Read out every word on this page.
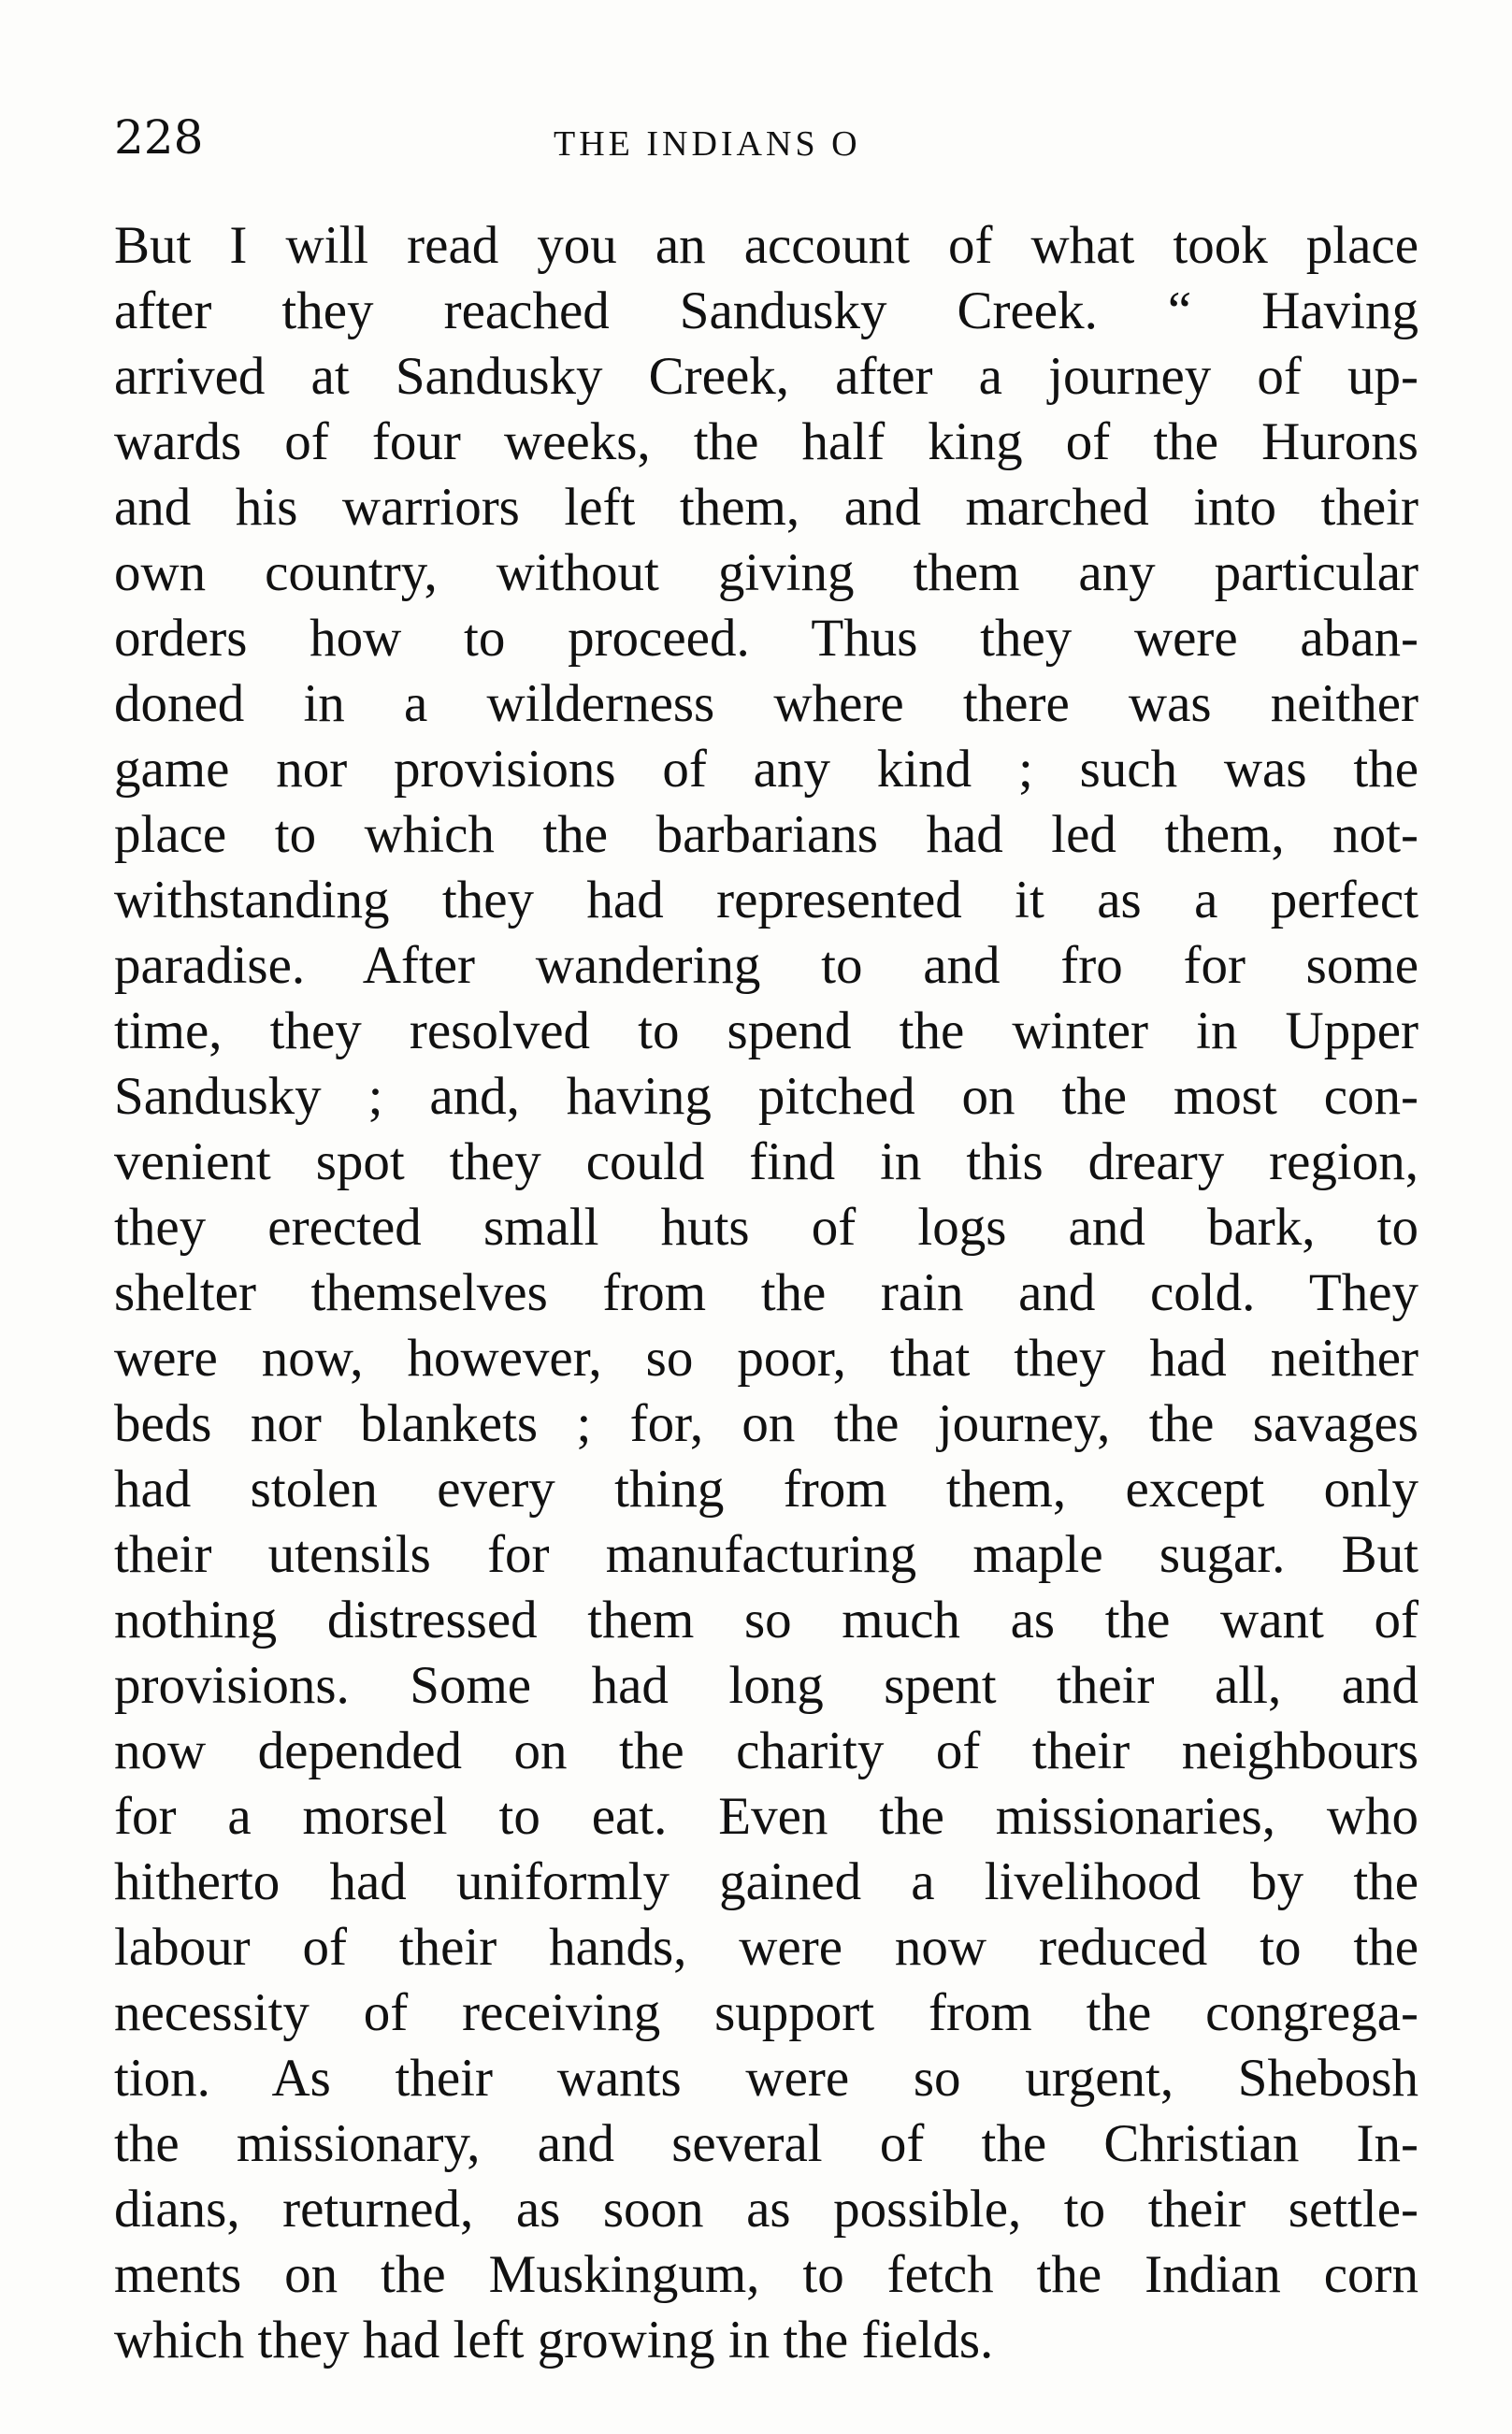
228	THE INDIANS O
But I will read you an account of what took place
after they reached Sandusky Creek. “ Having
arrived at Sandusky Creek, after a journey of up-
wards of four weeks, the half king of the Hurons
and his warriors left them, and marched into their
own country, without giving them any particular
orders how to proceed. Thus they were aban-
doned in a wilderness where there was neither
game nor provisions of any kind ; such was the
place to which the barbarians had led them, not-
withstanding they had represented it as a perfect
paradise. After wandering to and fro for some
time, they resolved to spend the winter in Upper
Sandusky ; and, having pitched on the most con-
venient spot they could find in this dreary region,
they erected small huts of logs and bark, to
shelter themselves from the rain and cold. They
were now, however, so poor, that they had neither
beds nor blankets ; for, on the journey, the savages
had stolen every thing from them, except only
their utensils for manufacturing maple sugar. But
nothing distressed them so much as the want of
provisions. Some had long spent their all, and
now depended on the charity of their neighbours
for a morsel to eat. Even the missionaries, who
hitherto had uniformly gained a livelihood by the
labour of their hands, were now reduced to the
necessity of receiving support from the congrega-
tion. As their wants were so urgent, Shebosh
the missionary, and several of the Christian In-
dians, returned, as soon as possible, to their settle-
ments on the Muskingum, to fetch the Indian corn
which they had left growing in the fields.
